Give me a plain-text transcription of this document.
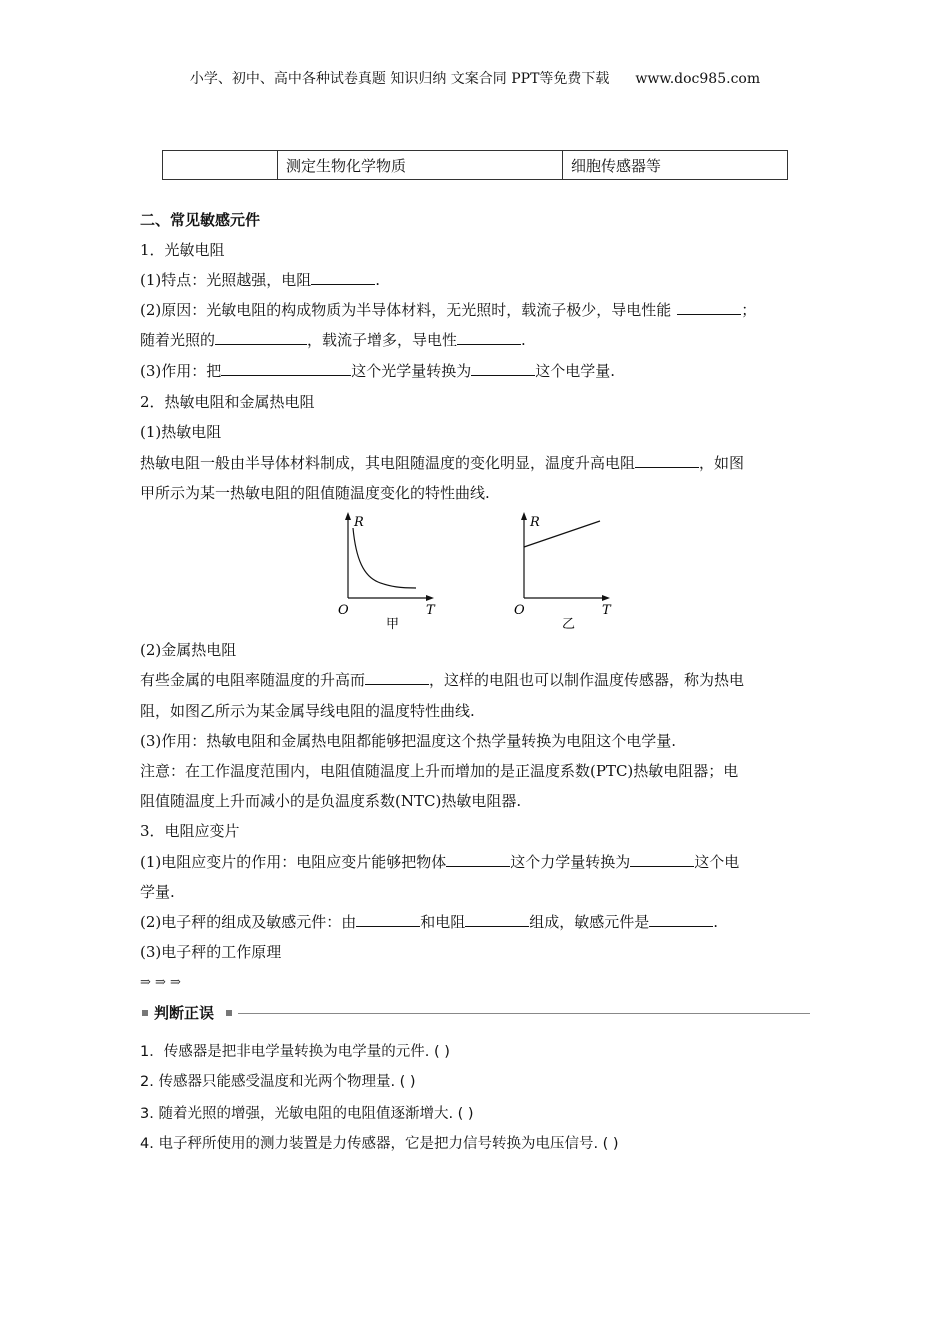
小学、初中、高中各种试卷真题 知识归纳 文案合同 PPT等免费下载 www.doc985.com
	测定生物化学物质	细胞传感器等
二、常见敏感元件
1．光敏电阻
(1)特点：光照越强，电阻	.
(2)原因：光敏电阻的构成物质为半导体材料，无光照时，载流子极少，导电性能	；
随着光照的	，载流子增多，导电性	.
(3)作用：把	这个光学量转换为	这个电学量.
2．热敏电阻和金属热电阻
(1)热敏电阻
热敏电阻一般由半导体材料制成，其电阻随温度的变化明显，温度升高电阻	，如图
甲所示为某一热敏电阻的阻值随温度变化的特性曲线.
(2)金属热电阻
有些金属的电阻率随温度的升高而	，这样的电阻也可以制作温度传感器，称为热电
阻，如图乙所示为某金属导线电阻的温度特性曲线.
(3)作用：热敏电阻和金属热电阻都能够把温度这个热学量转换为电阻这个电学量.
注意：在工作温度范围内，电阻值随温度上升而增加的是正温度系数(PTC)热敏电阻器；电
阻值随温度上升而减小的是负温度系数(NTC)热敏电阻器.
3．电阻应变片
(1)电阻应变片的作用：电阻应变片能够把物体	这个力学量转换为	这个电
学量.
(2)电子秤的组成及敏感元件：由	和电阻	组成，敏感元件是	.
(3)电子秤的工作原理
⇒ ⇒ ⇒
R
T
O
甲
R
T
O
乙
判断正误
1．传感器是把非电学量转换为电学量的元件. ( )
2. 传感器只能感受温度和光两个物理量. ( )
3. 随着光照的增强，光敏电阻的电阻值逐渐增大. ( )
4. 电子秤所使用的测力装置是力传感器，它是把力信号转换为电压信号. ( )
